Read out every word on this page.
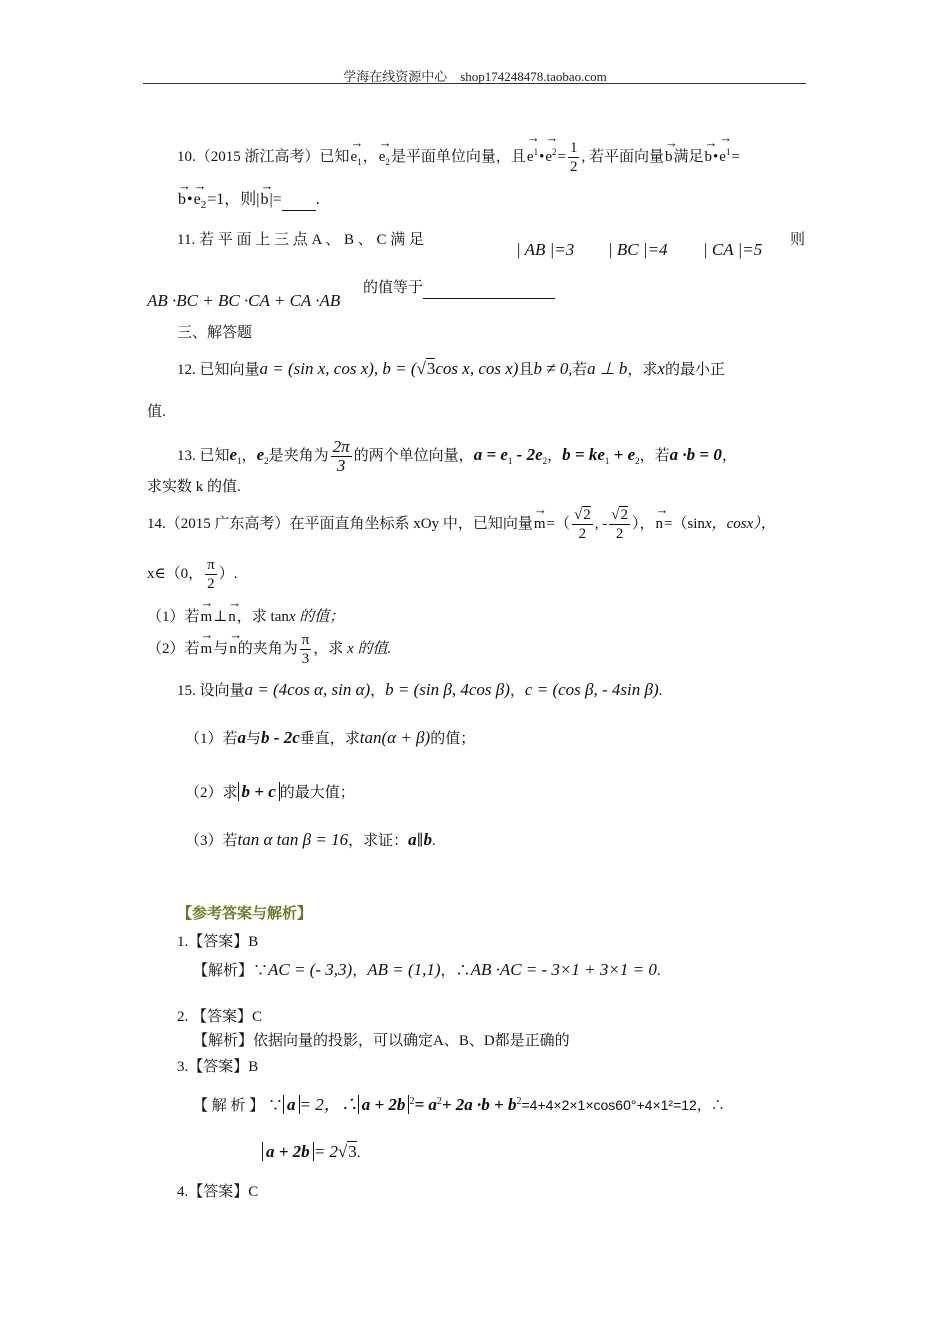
学海在线资源中心　shop174248478.taobao.com
10.（2015 浙江高考）已知→ $e_1$，→ $e_2$是平面单位向量，且→ $e^1•\to e^2= \frac{1}{2}$ , 若平面向量→ b满足→ b•→ $e^1=$
→ b•→ $e_2=1$，则|→ b|= .
11. 若 平 面 上 三 点 A 、 B 、 C 满 足	| AB |=3 | BC |=4 | CA |=5 则
AB ·BC + BC ·CA + CA ·AB
的值等于
三、解答题
12. 已知向量a = (sin x, cos x), b = (√3cos x, cos x)且b ≠ 0,若a ⊥ b，求x的最小正
值.
13. 已知$e_1$，$e_2$是夹角为 $\frac{2\pi}{3}$ 的两个单位向量，$a = e_1 - 2e_2$，$b = ke_1 + e_2$，若a ·b = 0，
求实数 k 的值.
14.（2015 广东高考）在平面直角坐标系 xOy 中，已知向量→ $m=( \frac{√2}{2}$ , - $\frac{√2}{2}$ ），→ n=（sinx，cosx），
x∈（0， $\frac{\pi}{2}$ ）.
（1）若→ m⊥→ n，求 tanx 的值；
（2）若→ m与→ n的夹角为 $\frac{\pi}{3}$ ，求 x 的值.
15. 设向量a = (4cos α, sin α)，b = (sin β, 4cos β)，c = (cos β, - 4sin β).
（1）若a与b - 2c垂直，求tan(α + β)的值；
（2）求 b + c 的最大值；
（3）若tan α tan β = 16，求证：a∥b.
【参考答案与解析】
1.【答案】B
【解析】∵AC = (- 3,3)，AB = (1,1)，∴AB ·AC = - 3×1 + 3×1 = 0.
2. 【答案】C
【解析】依据向量的投影，可以确定A、B、D都是正确的
3.【答案】B
【 解 析 】 ∵ a = 2，∴ a + 2b $^2= a^2+ 2a \cdot b + b^2=4+4\times 2\times 1\times\cos 60^\circ+4\times 1^2=12$，∴
a + 2b = 2√3.
4.【答案】C
